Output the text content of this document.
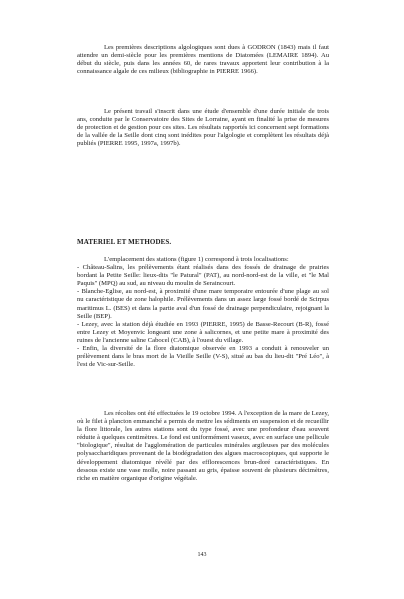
Les premières descriptions algologiques sont dues à GODRON (1843) mais il faut attendre un demi-siècle pour les premières mentions de Diatomées (LEMAIRE 1894). Au début du siècle, puis dans les années 60, de rares travaux apportent leur contribution à la connaissance algale de ces milieux (bibliographie in PIERRE 1966).

Le présent travail s'inscrit dans une étude d'ensemble d'une durée initiale de trois ans, conduite par le Conservatoire des Sites de Lorraine, ayant en finalité la prise de mesures de protection et de gestion pour ces sites. Les résultats rapportés ici concernent sept formations de la vallée de la Seille dont cinq sont inédites pour l'algologie et complètent les résultats déjà publiés (PIERRE 1995, 1997a, 1997b).

MATERIEL ET METHODES.

L'emplacement des stations (figure 1) correspond à trois localisations:

- Château-Salins, les prélèvements étant réalisés dans des fossés de drainage de prairies bordant la Petite Seille: lieux-dits "le Patural" (PAT), au nord-nord-est de la ville, et "le Mal Paquis" (MPQ) au sud, au niveau du moulin de Seraincourt.

- Blanche-Eglise, au nord-est, à proximité d'une mare temporaire entourée d'une plage au sol nu caractéristique de zone halophile. Prélèvements dans un assez large fossé bordé de Scirpus maritimus L. (BES) et dans la partie aval d'un fossé de drainage perpendiculaire, rejoignant la Seille (BEP).

- Lezey, avec la station déjà étudiée en 1993 (PIERRE, 1995) de Basse-Recourt (B-R), fossé entre Lezey et Moyenvic longeant une zone à salicornes, et une petite mare à proximité des ruines de l'ancienne saline Cabocel (CAB), à l'ouest du village.

- Enfin, la diversité de la flore diatomique observée en 1993 a conduit à renouveler un prélèvement dans le bras mort de la Vieille Seille (V-S), situé au bas du lieu-dit "Pré Léo", à l'est de Vic-sur-Seille.

Les récoltes ont été effectuées le 19 octobre 1994. A l'exception de la mare de Lezey, où le filet à plancton emmanché a permis de mettre les sédiments en suspension et de recueillir la flore littorale, les autres stations sont du type fossé, avec une profondeur d'eau souvent réduite à quelques centimètres. Le fond est uniformément vaseux, avec en surface une pellicule "biologique", résultat de l'agglomération de particules minérales argileuses par des molécules polysaccharidiques provenant de la biodégradation des algues macroscopiques, qui supporte le développement diatomique révélé par des efflorescences brun-doré caractéristiques. En dessous existe une vase molle, noire passant au gris, épaisse souvent de plusieurs décimètres, riche en matière organique d'origine végétale.

143
